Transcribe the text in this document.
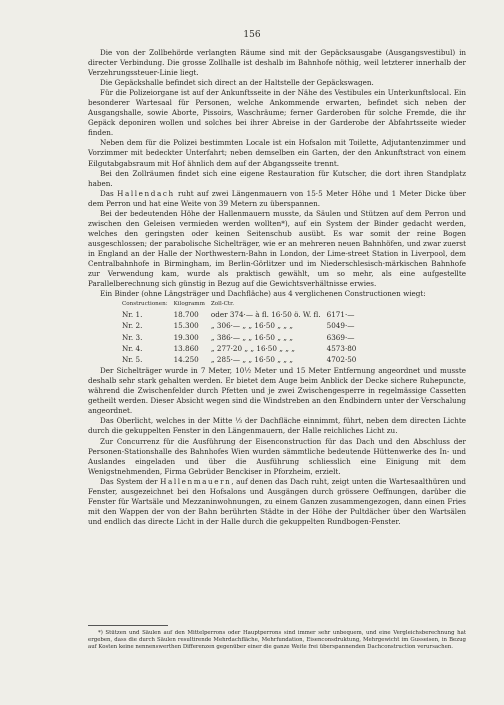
156

Die von der Zollbehörde verlangten Räume sind mit der Gepäcksausgabe (Ausgangsvestibul) in directer Verbindung. Die grosse Zollhalle ist deshalb im Bahnhofe nöthig, weil letzterer innerhalb der Verzehrungssteuer-Linie liegt.

Die Gepäckshalle befindet sich direct an der Haltstelle der Gepäckswagen.

Für die Polizeiorgane ist auf der Ankunftsseite in der Nähe des Vestibules ein Unterkunftslocal. Ein besonderer Wartesaal für Personen, welche Ankommende erwarten, befindet sich neben der Ausgangshalle, sowie Aborte, Pissoirs, Waschräume; ferner Garderoben für solche Fremde, die ihr Gepäck deponiren wollen und solches bei ihrer Abreise in der Garderobe der Abfahrtsseite wieder finden.

Neben dem für die Polizei bestimmten Locale ist ein Hofsalon mit Toilette, Adjutantenzimmer und Vorzimmer mit bedeckter Unterfahrt; neben demselben ein Garten, der den Ankunftstract von einem Eilgutabgabsraum mit Hof ähnlich dem auf der Abgangsseite trennt.

Bei den Zollräumen findet sich eine eigene Restauration für Kutscher, die dort ihren Standplatz haben.

Das Hallendach ruht auf zwei Längenmauern von 15·5 Meter Höhe und 1 Meter Dicke über dem Perron und hat eine Weite von 39 Metern zu überspannen.

Bei der bedeutenden Höhe der Hallenmauern musste, da Säulen und Stützen auf dem Perron und zwischen den Geleisen vermieden werden wollten*), auf ein System der Binder gedacht werden, welches den geringsten oder keinen Seitenschub ausübt. Es war somit der reine Bogen ausgeschlossen; der parabolische Sichelträger, wie er an mehreren neuen Bahnhöfen, und zwar zuerst in England an der Halle der Northwestern-Bahn in London, der Lime-street Station in Liverpool, dem Centralbahnhofe in Birmingham, im Berlin-Görlitzer und im Niederschlesisch-märkischen Bahnhofe zur Verwendung kam, wurde als praktisch gewählt, um so mehr, als eine aufgestellte Parallelberechnung sich günstig in Bezug auf die Gewichtsverhältnisse erwies.

Ein Binder (ohne Längsträger und Dachfläche) aus 4 verglichenen Constructionen wiegt:

Constructionen:	Kilogramm	Zoll-Ctr.	
Nr. 1.	18.700	oder 374·— à fl. 16·50 ö. W. fl.	6171·—
Nr. 2.	15.300	„ 306·— „ „ 16·50 „ „ „	5049·—
Nr. 3.	19.300	„ 386·— „ „ 16·50 „ „ „	6369·—
Nr. 4.	13.860	„ 277·20 „ „ 16·50 „ „ „	4573·80
Nr. 5.	14.250	„ 285·— „ „ 16·50 „ „ „	4702·50

Der Sichelträger wurde in 7 Meter, 10½ Meter und 15 Meter Entfernung angeordnet und musste deshalb sehr stark gehalten werden. Er bietet dem Auge beim Anblick der Decke sichere Ruhepuncte, während die Zwischenfelder durch Pfetten und je zwei Zwischengesperre in regelmässige Cassetten getheilt werden. Dieser Absicht wegen sind die Windstreben an den Endbindern unter der Verschalung angeordnet.

Das Oberlicht, welches in der Mitte ⅓ der Dachfläche einnimmt, führt, neben dem directen Lichte durch die gekuppelten Fenster in den Längenmauern, der Halle reichliches Licht zu.

Zur Concurrenz für die Ausführung der Eisenconstruction für das Dach und den Abschluss der Personen-Stationshalle des Bahnhofes Wien wurden sämmtliche bedeutende Hüttenwerke des In- und Auslandes eingeladen und über die Ausführung schliesslich eine Einigung mit dem Wenigstnehmenden, Firma Gebrüder Benckiser in Pforzheim, erzielt.

Das System der Hallenmauern, auf denen das Dach ruht, zeigt unten die Wartesaalthüren und Fenster, ausgezeichnet bei den Hofsalons und Ausgängen durch grössere Oeffnungen, darüber die Fenster für Wartsäle und Mezzaninwohnungen, zu einem Ganzen zusammengezogen, dann einen Fries mit den Wappen der von der Bahn berührten Städte in der Höhe der Pultdächer über den Wartsälen und endlich das directe Licht in der Halle durch die gekuppelten Rundbogen-Fenster.

*) Stützen und Säulen auf den Mittelperrons oder Hauptperrons sind immer sehr unbequem, und eine Vergleichsberechnung hat ergeben, dass die durch Säulen resultirende Mehrdachfläche, Mehrfundation, Eisenconsdruktung, Mehrgewicht im Gusseisen, in Bezug auf Kosten keine nennenswerthen Differenzen gegenüber einer die ganze Weite frei überspannenden Dachconstruction verursachen.
